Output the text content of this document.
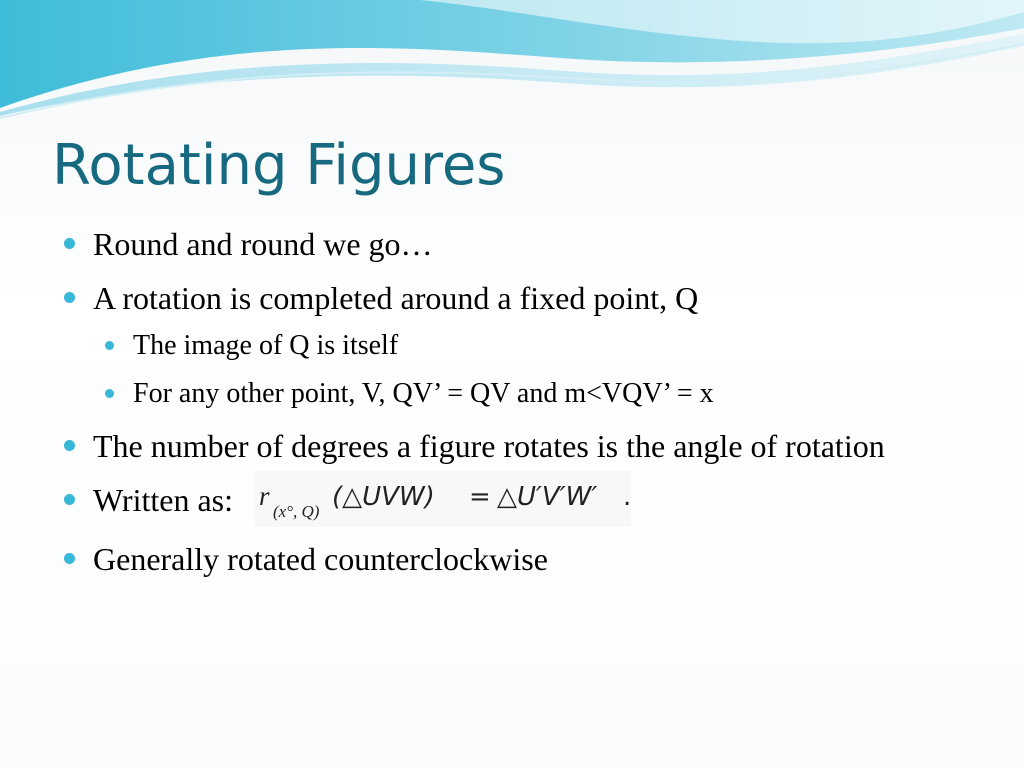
Rotating Figures
Round and round we go…
A rotation is completed around a fixed point, Q
The image of Q is itself
For any other point, V, QV’ = QV and m<VQV’ = x
The number of degrees a figure rotates is the angle of rotation
Written as: r
(x°, Q) (△UVW) = △U′V′W′ .
Generally rotated counterclockwise
